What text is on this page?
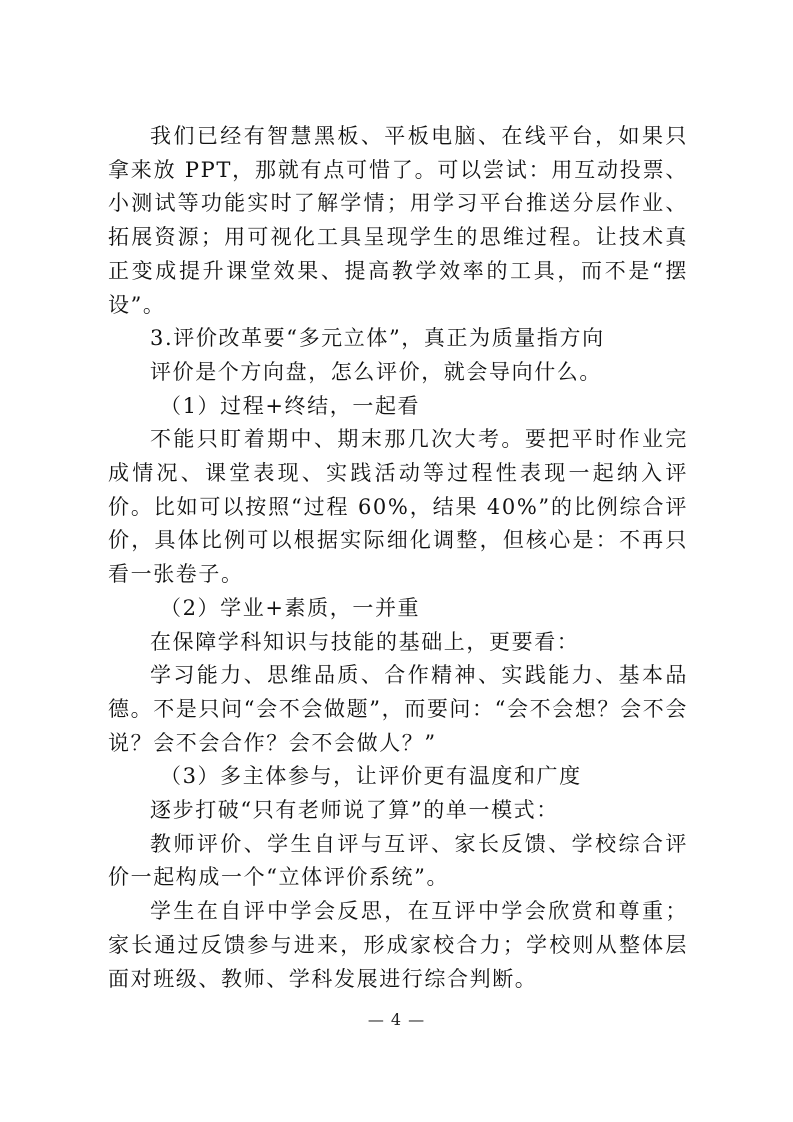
我们已经有智慧黑板、平板电脑、在线平台，如果只拿来放 PPT，那就有点可惜了。可以尝试：用互动投票、小测试等功能实时了解学情；用学习平台推送分层作业、拓展资源；用可视化工具呈现学生的思维过程。让技术真正变成提升课堂效果、提高教学效率的工具，而不是“摆设”。

3.评价改革要“多元立体”，真正为质量指方向

评价是个方向盘，怎么评价，就会导向什么。

（1）过程+终结，一起看

不能只盯着期中、期末那几次大考。要把平时作业完成情况、课堂表现、实践活动等过程性表现一起纳入评价。比如可以按照“过程 60%，结果 40%”的比例综合评价，具体比例可以根据实际细化调整，但核心是：不再只看一张卷子。

（2）学业+素质，一并重

在保障学科知识与技能的基础上，更要看：

学习能力、思维品质、合作精神、实践能力、基本品德。不是只问“会不会做题”，而要问：“会不会想？会不会说？会不会合作？会不会做人？”

（3）多主体参与，让评价更有温度和广度

逐步打破“只有老师说了算”的单一模式：

教师评价、学生自评与互评、家长反馈、学校综合评价一起构成一个“立体评价系统”。

学生在自评中学会反思，在互评中学会欣赏和尊重；家长通过反馈参与进来，形成家校合力；学校则从整体层面对班级、教师、学科发展进行综合判断。

— 4 —
